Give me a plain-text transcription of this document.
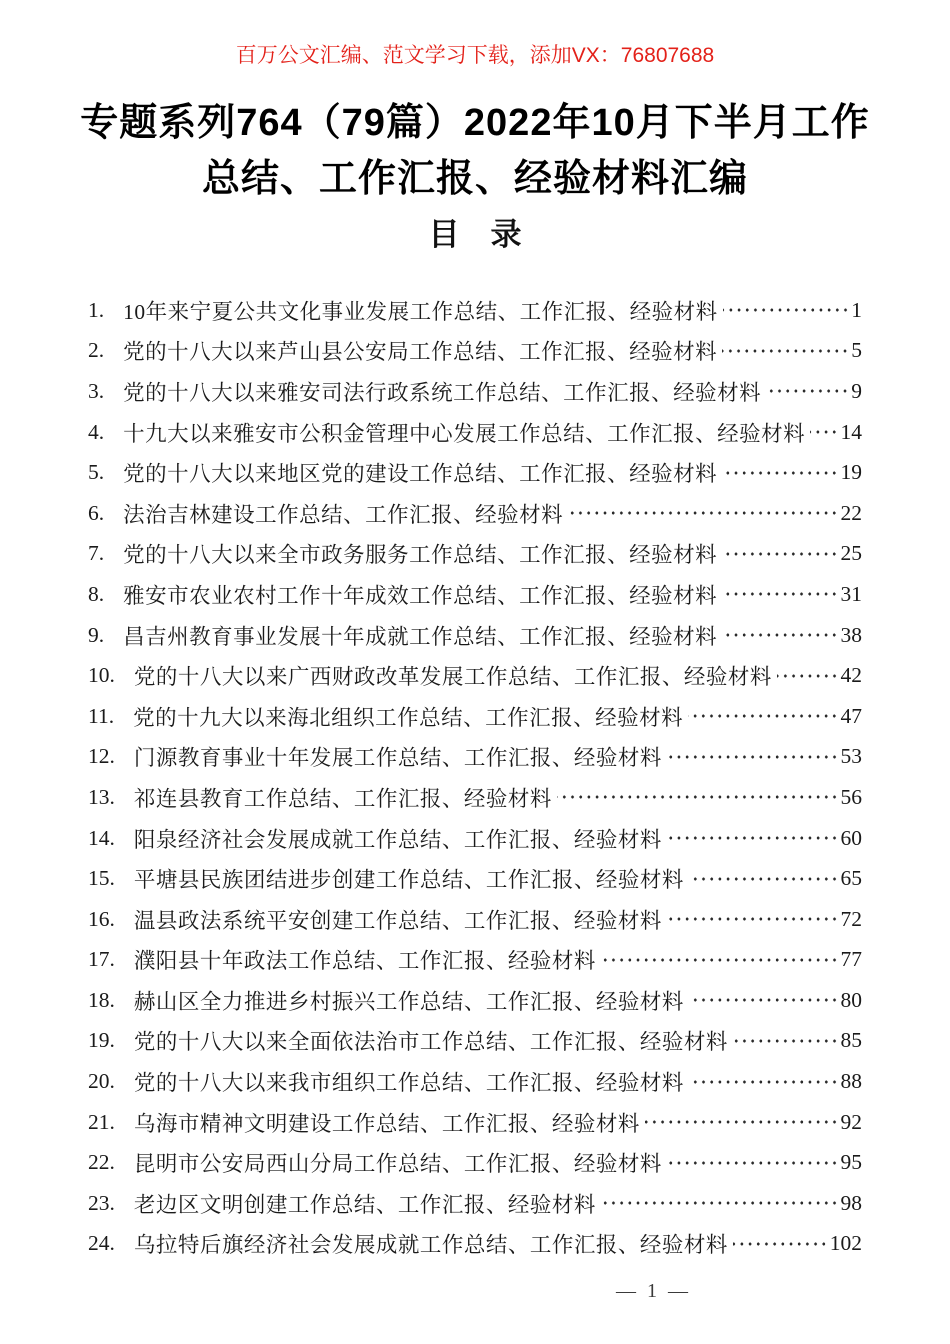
百万公文汇编、范文学习下载，添加VX：76807688
专题系列764（79篇）2022年10月下半月工作
总结、工作汇报、经验材料汇编
目　录
1. 10年来宁夏公共文化事业发展工作总结、工作汇报、经验材料	1
2. 党的十八大以来芦山县公安局工作总结、工作汇报、经验材料	5
3. 党的十八大以来雅安司法行政系统工作总结、工作汇报、经验材料	9
4. 十九大以来雅安市公积金管理中心发展工作总结、工作汇报、经验材料 14
5. 党的十八大以来地区党的建设工作总结、工作汇报、经验材料	19
6. 法治吉林建设工作总结、工作汇报、经验材料	22
7. 党的十八大以来全市政务服务工作总结、工作汇报、经验材料	25
8. 雅安市农业农村工作十年成效工作总结、工作汇报、经验材料	31
9. 昌吉州教育事业发展十年成就工作总结、工作汇报、经验材料	38
10. 党的十八大以来广西财政改革发展工作总结、工作汇报、经验材料	42
11. 党的十九大以来海北组织工作总结、工作汇报、经验材料	47
12. 门源教育事业十年发展工作总结、工作汇报、经验材料	53
13. 祁连县教育工作总结、工作汇报、经验材料	56
14. 阳泉经济社会发展成就工作总结、工作汇报、经验材料	60
15. 平塘县民族团结进步创建工作总结、工作汇报、经验材料	65
16. 温县政法系统平安创建工作总结、工作汇报、经验材料	72
17. 濮阳县十年政法工作总结、工作汇报、经验材料	77
18. 赫山区全力推进乡村振兴工作总结、工作汇报、经验材料	80
19. 党的十八大以来全面依法治市工作总结、工作汇报、经验材料	85
20. 党的十八大以来我市组织工作总结、工作汇报、经验材料	88
21. 乌海市精神文明建设工作总结、工作汇报、经验材料	92
22. 昆明市公安局西山分局工作总结、工作汇报、经验材料	95
23. 老边区文明创建工作总结、工作汇报、经验材料	98
24. 乌拉特后旗经济社会发展成就工作总结、工作汇报、经验材料	102
— 1 —
